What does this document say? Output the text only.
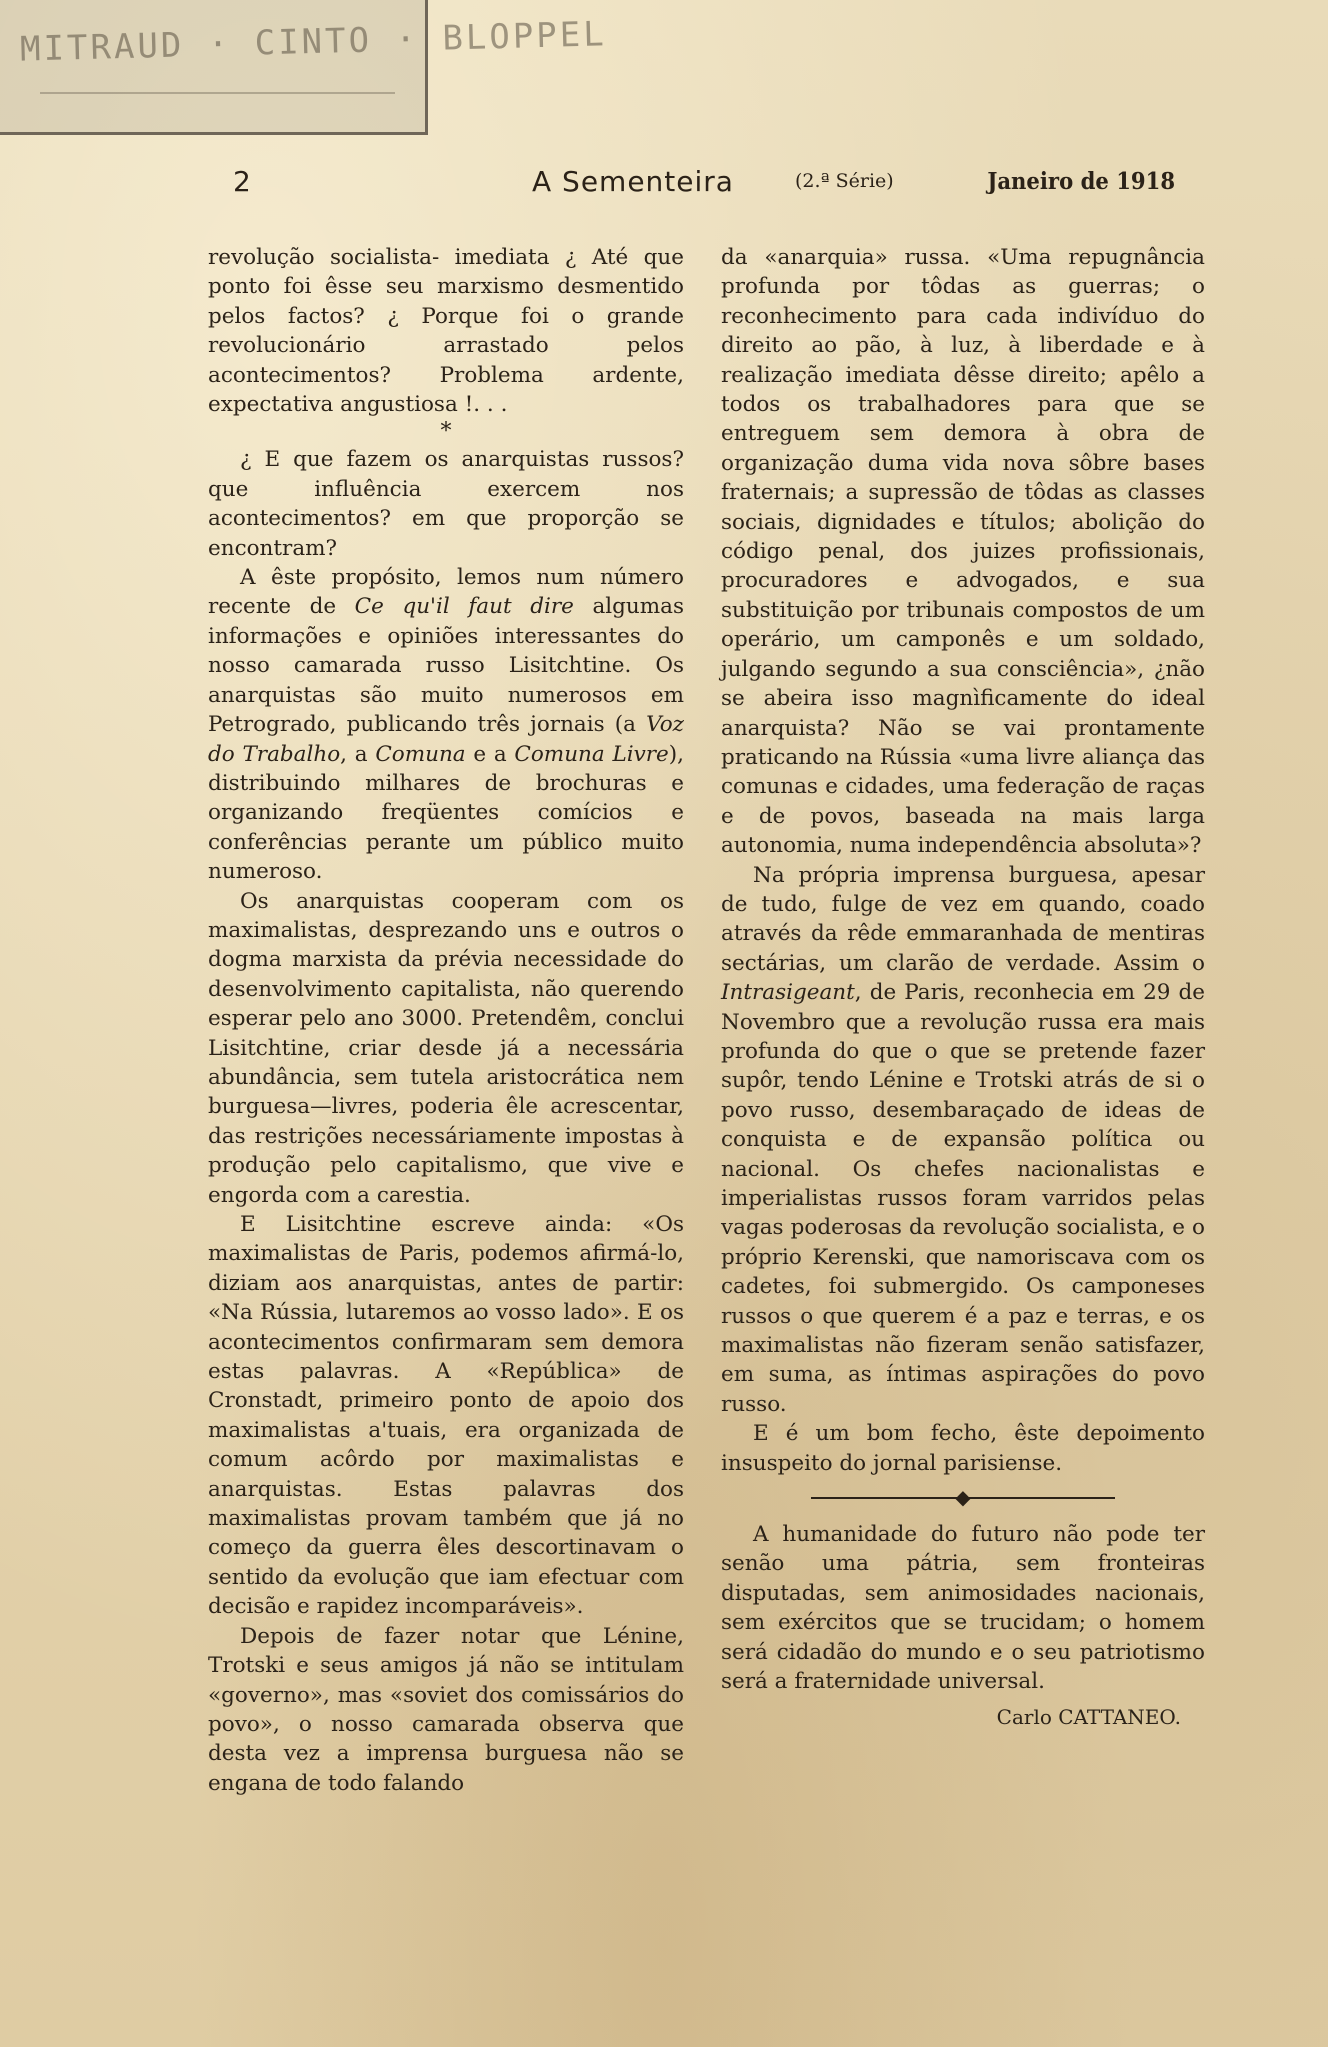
MITRAUD · CINTO · BLOPPEL
2	A Sementeira	(2.ª Série)	Janeiro de 1918

revolução socialista- imediata ¿ Até que ponto foi êsse seu marxismo desmentido pelos factos? ¿ Porque foi o grande revolucionário arrastado pelos acontecimentos? Problema ardente, expectativa angustiosa !. . .

*

¿ E que fazem os anarquistas russos? que influência exercem nos acontecimentos? em que proporção se encontram?

A êste propósito, lemos num número recente de Ce qu'il faut dire algumas informações e opiniões interessantes do nosso camarada russo Lisitchtine. Os anarquistas são muito numerosos em Petrogrado, publicando três jornais (a Voz do Trabalho, a Comuna e a Comuna Livre), distribuindo milhares de brochuras e organizando freqüentes comícios e conferências perante um público muito numeroso.

Os anarquistas cooperam com os maximalistas, desprezando uns e outros o dogma marxista da prévia necessidade do desenvolvimento capitalista, não querendo esperar pelo ano 3000. Pretendêm, conclui Lisitchtine, criar desde já a necessária abundância, sem tutela aristocrática nem burguesa—livres, poderia êle acrescentar, das restrições necessáriamente impostas à produção pelo capitalismo, que vive e engorda com a carestia.

E Lisitchtine escreve ainda: «Os maximalistas de Paris, podemos afirmá-lo, diziam aos anarquistas, antes de partir: «Na Rússia, lutaremos ao vosso lado». E os acontecimentos confirmaram sem demora estas palavras. A «República» de Cronstadt, primeiro ponto de apoio dos maximalistas a'tuais, era organizada de comum acôrdo por maximalistas e anarquistas. Estas palavras dos maximalistas provam também que já no começo da guerra êles descortinavam o sentido da evolução que iam efectuar com decisão e rapidez incomparáveis».

Depois de fazer notar que Lénine, Trotski e seus amigos já não se intitulam «governo», mas «soviet dos comissários do povo», o nosso camarada observa que desta vez a imprensa burguesa não se engana de todo falando

da «anarquia» russa. «Uma repugnância profunda por tôdas as guerras; o reconhecimento para cada indivíduo do direito ao pão, à luz, à liberdade e à realização imediata dêsse direito; apêlo a todos os trabalhadores para que se entreguem sem demora à obra de organização duma vida nova sôbre bases fraternais; a supressão de tôdas as classes sociais, dignidades e títulos; abolição do código penal, dos juizes profissionais, procuradores e advogados, e sua substituição por tribunais compostos de um operário, um camponês e um soldado, julgando segundo a sua consciência», ¿não se abeira isso magnìficamente do ideal anarquista? Não se vai prontamente praticando na Rússia «uma livre aliança das comunas e cidades, uma federação de raças e de povos, baseada na mais larga autonomia, numa independência absoluta»?

Na própria imprensa burguesa, apesar de tudo, fulge de vez em quando, coado através da rêde emmaranhada de mentiras sectárias, um clarão de verdade. Assim o Intrasigeant, de Paris, reconhecia em 29 de Novembro que a revolução russa era mais profunda do que o que se pretende fazer supôr, tendo Lénine e Trotski atrás de si o povo russo, desembaraçado de ideas de conquista e de expansão política ou nacional. Os chefes nacionalistas e imperialistas russos foram varridos pelas vagas poderosas da revolução socialista, e o próprio Kerenski, que namoriscava com os cadetes, foi submergido. Os camponeses russos o que querem é a paz e terras, e os maximalistas não fizeram senão satisfazer, em suma, as íntimas aspirações do povo russo.

E é um bom fecho, êste depoimento insuspeito do jornal parisiense.

◆

A humanidade do futuro não pode ter senão uma pátria, sem fronteiras disputadas, sem animosidades nacionais, sem exércitos que se trucidam; o homem será cidadão do mundo e o seu patriotismo será a fraternidade universal.

Carlo CATTANEO.
